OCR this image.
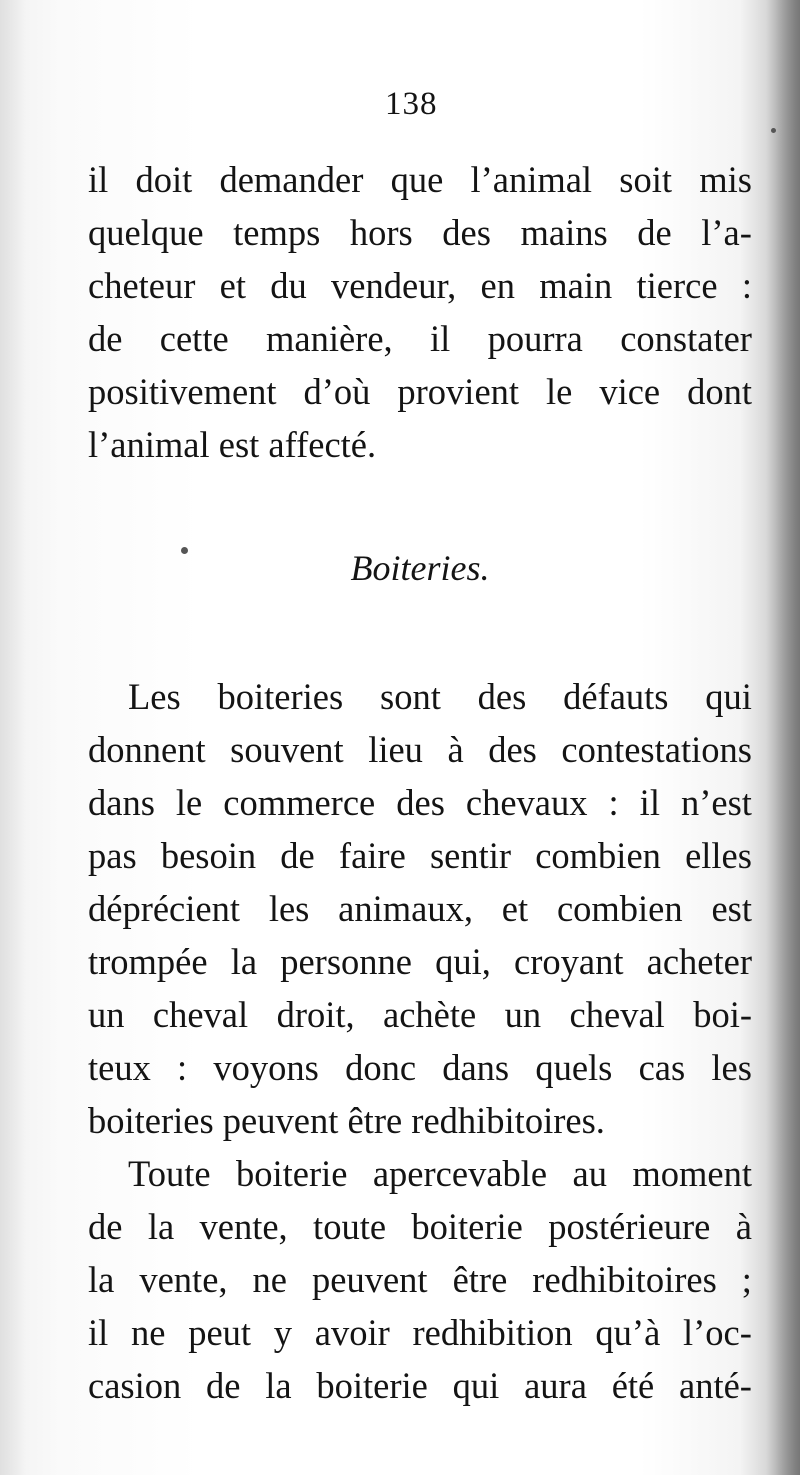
138
il doit demander que l’animal soit mis
quelque temps hors des mains de l’a-
cheteur et du vendeur, en main tierce :
de cette manière, il pourra constater
positivement d’où provient le vice dont
l’animal est affecté.
Boiteries.
Les boiteries sont des défauts qui
donnent souvent lieu à des contestations
dans le commerce des chevaux : il n’est
pas besoin de faire sentir combien elles
déprécient les animaux, et combien est
trompée la personne qui, croyant acheter
un cheval droit, achète un cheval boi-
teux : voyons donc dans quels cas les
boiteries peuvent être redhibitoires.
Toute boiterie apercevable au moment
de la vente, toute boiterie postérieure à
la vente, ne peuvent être redhibitoires ;
il ne peut y avoir redhibition qu’à l’oc-
casion de la boiterie qui aura été anté-
